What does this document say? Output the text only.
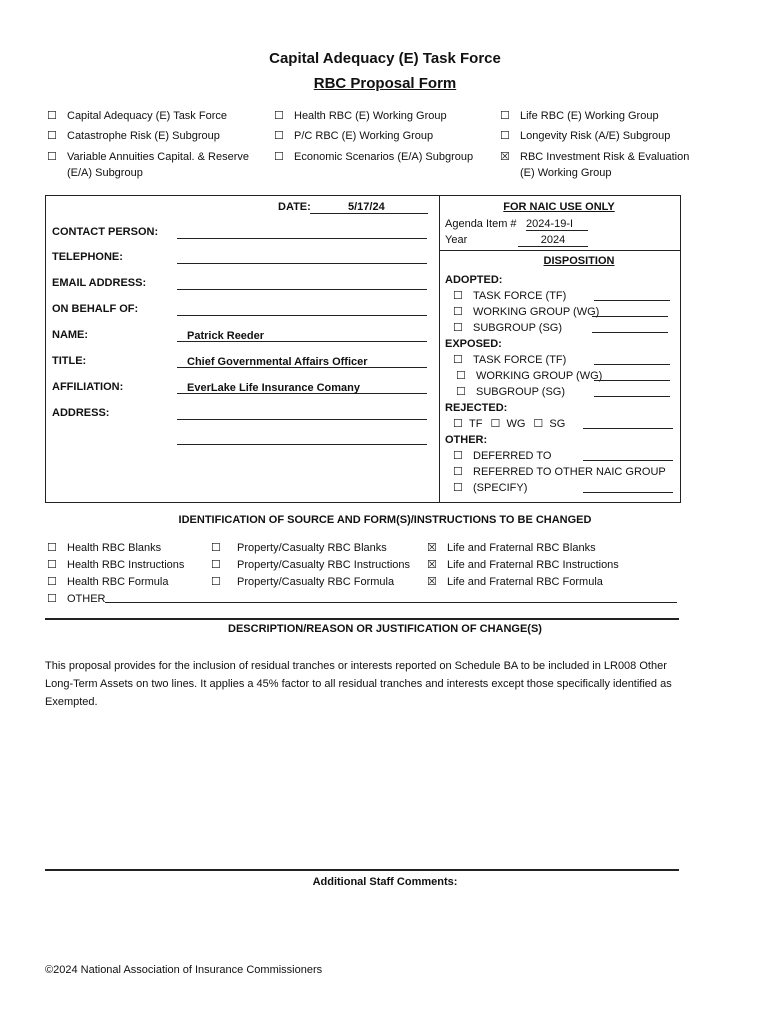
Capital Adequacy (E) Task Force
RBC Proposal Form
☐ Capital Adequacy (E) Task Force	☐ Health RBC (E) Working Group	☐ Life RBC (E) Working Group
☐ Catastrophe Risk (E) Subgroup	☐ P/C RBC (E) Working Group	☐ Longevity Risk (A/E) Subgroup
☐ Variable Annuities Capital. & Reserve
(E/A) Subgroup
☐ Economic Scenarios (E/A) Subgroup ☒ RBC Investment Risk & Evaluation
(E) Working Group
DATE:	5/17/24
CONTACT PERSON:
TELEPHONE:
EMAIL ADDRESS:
ON BEHALF OF:
NAME:	Patrick Reeder
TITLE:	Chief Governmental Affairs Officer
AFFILIATION:	EverLake Life Insurance Comany
ADDRESS:
FOR NAIC USE ONLY
Agenda Item # 2024-19-I
Year	2024
DISPOSITION
ADOPTED:
☐ TASK FORCE (TF)
☐ WORKING GROUP (WG)
☐ SUBGROUP (SG)
EXPOSED:
☐ TASK FORCE (TF)
☐ WORKING GROUP (WG)
☐ SUBGROUP (SG)
REJECTED:
☐ TF ☐ WG ☐ SG
OTHER:
☐ DEFERRED TO
☐ REFERRED TO OTHER NAIC GROUP
☐ (SPECIFY)
IDENTIFICATION OF SOURCE AND FORM(S)/INSTRUCTIONS TO BE CHANGED
☐ Health RBC Blanks	☐ Property/Casualty RBC Blanks	☒ Life and Fraternal RBC Blanks
☐ Health RBC Instructions ☐ Property/Casualty RBC Instructions ☒ Life and Fraternal RBC Instructions
☐ Health RBC Formula	☐ Property/Casualty RBC Formula	☒ Life and Fraternal RBC Formula
☐ OTHER
DESCRIPTION/REASON OR JUSTIFICATION OF CHANGE(S)
This proposal provides for the inclusion of residual tranches or interests reported on Schedule BA to be included in LR008 Other
Long-Term Assets on two lines. It applies a 45% factor to all residual tranches and interests except those specifically identified as
Exempted.
Additional Staff Comments:
©2024 National Association of Insurance Commissioners
